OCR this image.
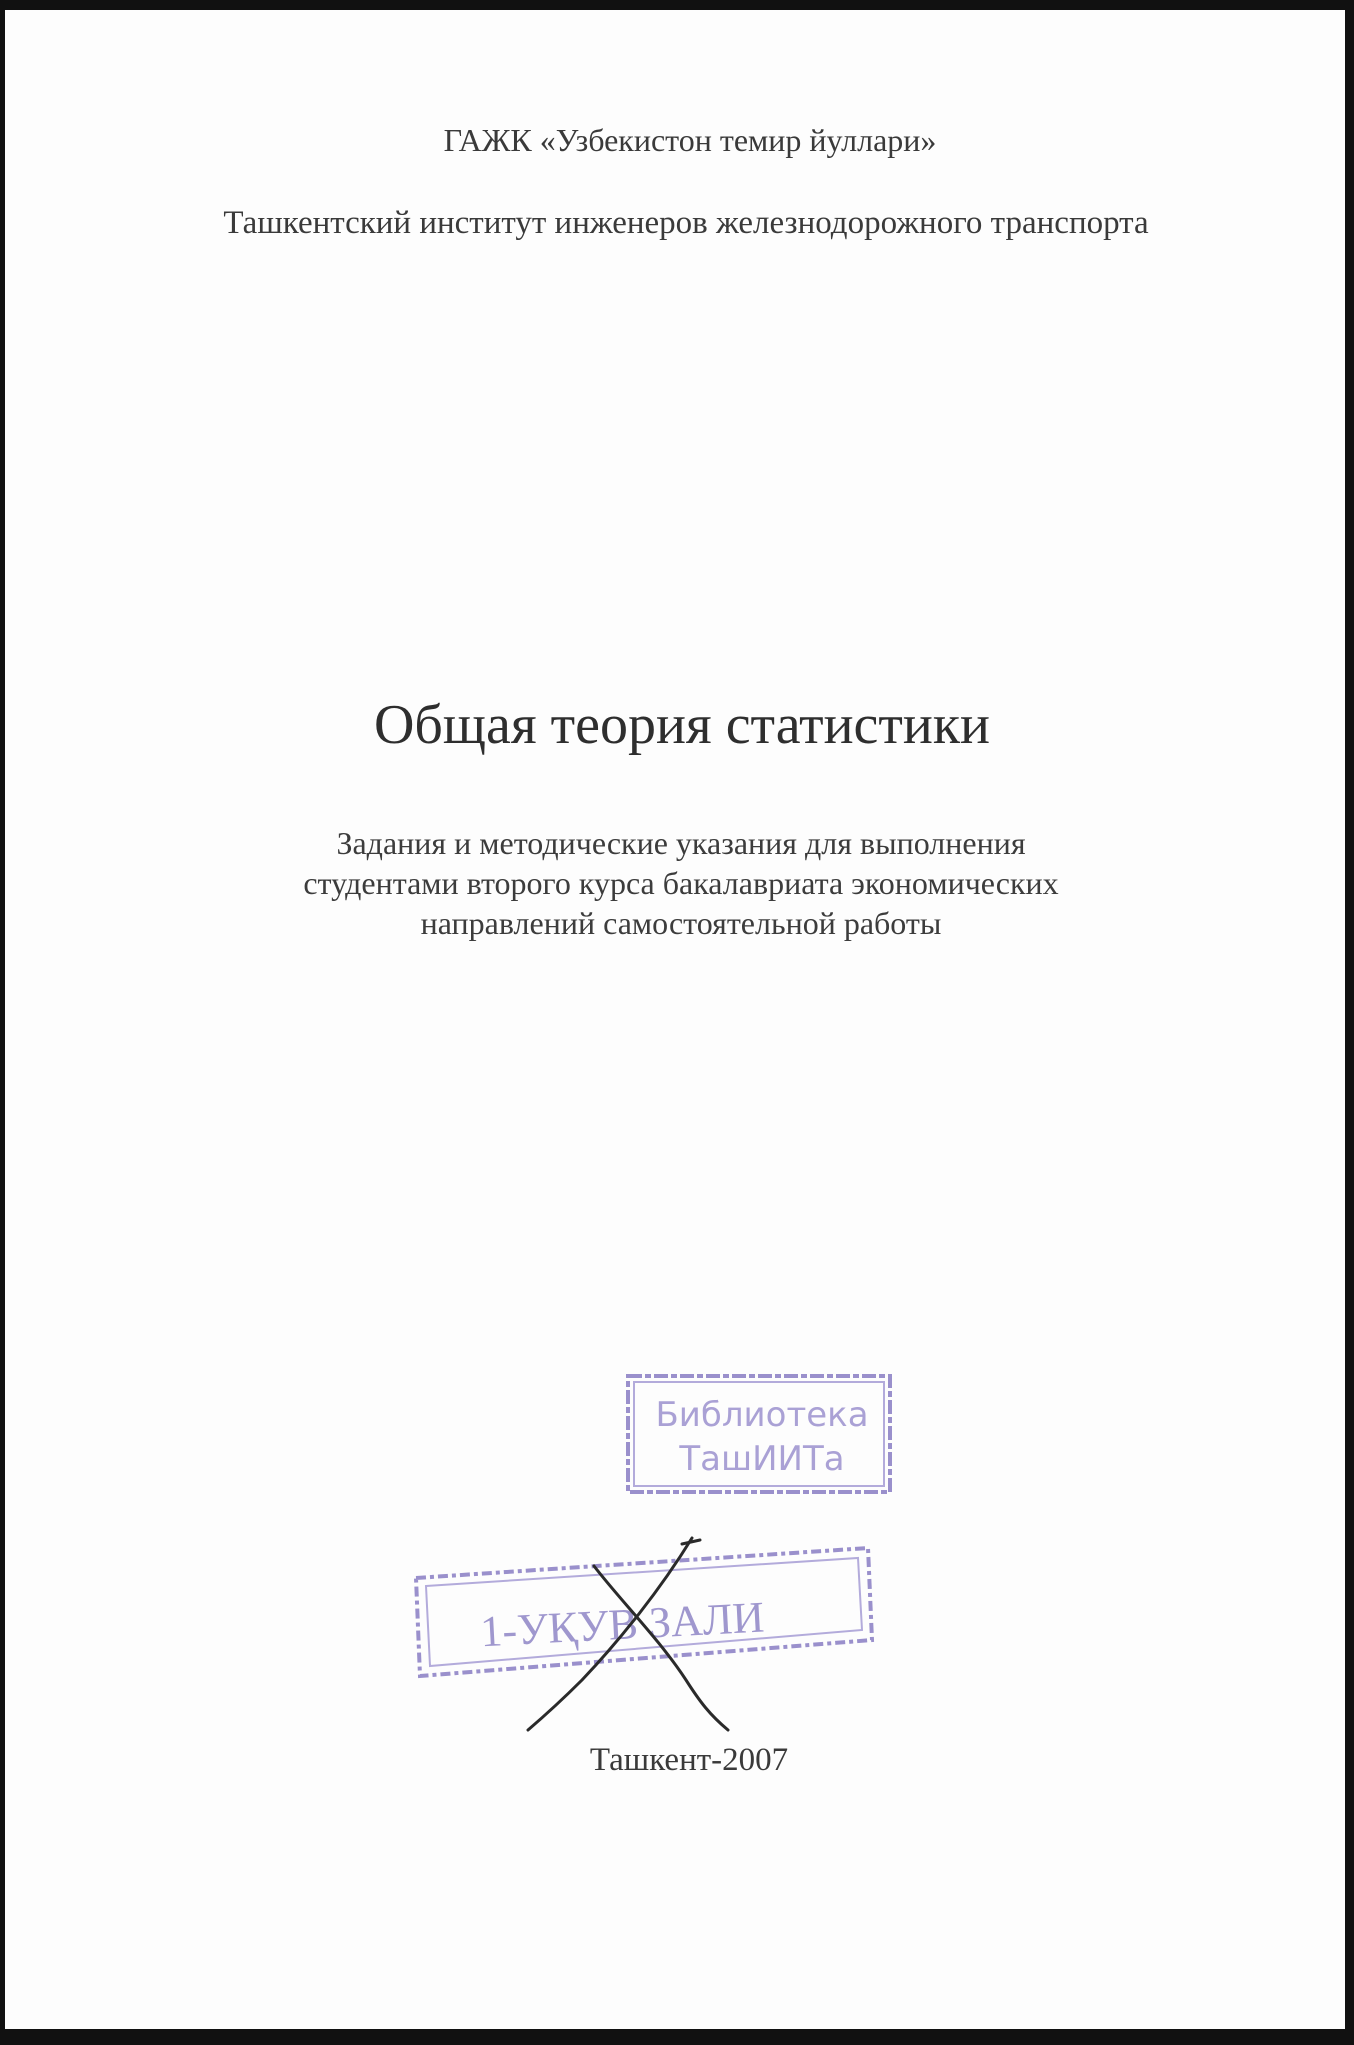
ГАЖК «Узбекистон темир йуллари»
Ташкентский институт инженеров железнодорожного транспорта
Общая теория статистики
Задания и методические указания для выполнения
студентами второго курса бакалавриата экономических
направлений самостоятельной работы
Библиотека
ТашИИТа
1-УҚУВ ЗАЛИ
Ташкент-2007
